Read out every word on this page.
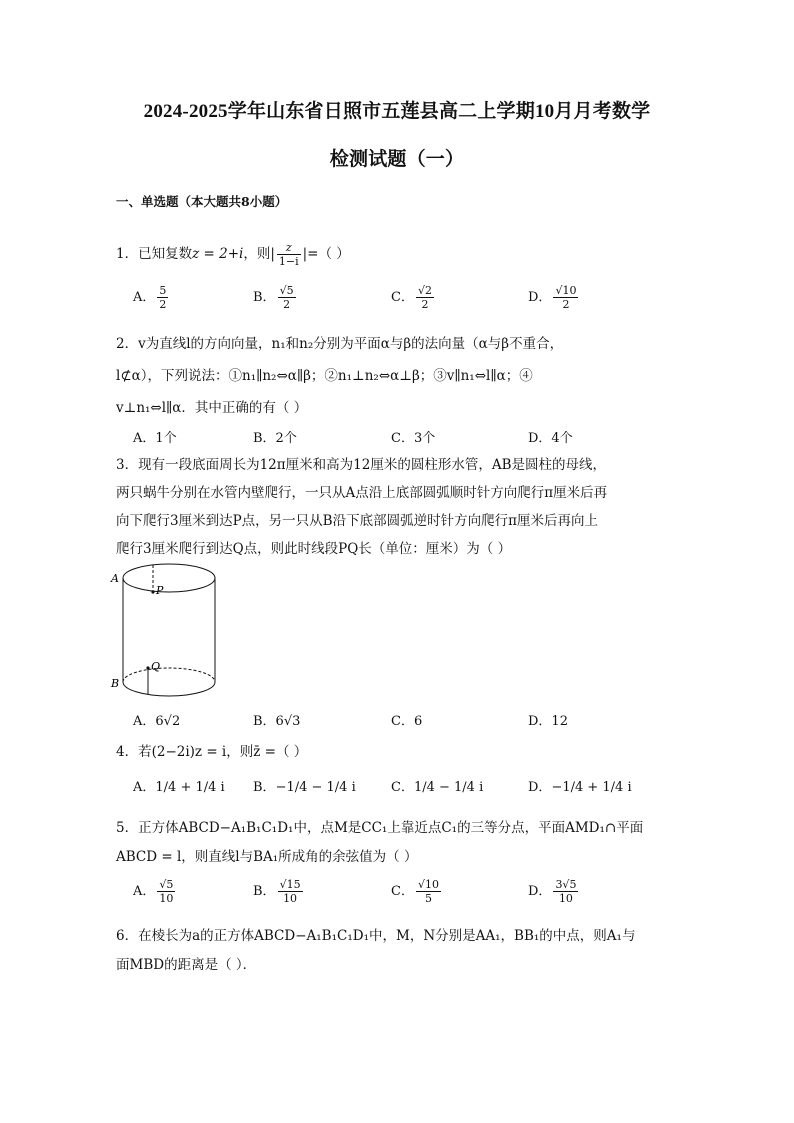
2024-2025学年山东省日照市五莲县高二上学期10月月考数学
检测试题（一）
一、单选题（本大题共8小题）
1．已知复数z = 2+i，则| $\frac{z}{1-i}$ |=（ ）
A． $\frac{5}{2}$	B． $\frac{√5}{2}$	C． $\frac{√2}{2}$	D． $\frac{√10}{2}$
2．v为直线l的方向向量，n₁和n₂分别为平面α与β的法向量（α与β不重合，
l⊄α），下列说法：①n₁∥n₂⇔α∥β；②n₁⊥n₂⇔α⊥β；③v∥n₁⇔l∥α；④
v⊥n₁⇔l∥α．其中正确的有（ ）
A．1个	B．2个	C．3个	D．4个
3．现有一段底面周长为12π厘米和高为12厘米的圆柱形水管，AB是圆柱的母线，
两只蜗牛分别在水管内壁爬行，一只从A点沿上底部圆弧顺时针方向爬行π厘米后再
向下爬行3厘米到达P点，另一只从B沿下底部圆弧逆时针方向爬行π厘米后再向上
爬行3厘米爬行到达Q点，则此时线段PQ长（单位：厘米）为（ ）
A
B
P
Q
A．6√2	B．6√3	C．6	D．12
4．若(2−2i)z = i，则z̄ =（ ）
A．1/4 + 1/4 i B．−1/4 − 1/4 i	C．1/4 − 1/4 i	D．−1/4 + 1/4 i
5．正方体ABCD−A₁B₁C₁D₁中，点M是CC₁上靠近点C₁的三等分点，平面AMD₁∩平面
ABCD = l，则直线l与BA₁所成角的余弦值为（ ）
A． $\frac{√5}{10}$	B． $\frac{√15}{10}$	C． $\frac{√10}{5}$	D． $\frac{3√5}{10}$
6．在棱长为a的正方体ABCD−A₁B₁C₁D₁中，M，N分别是AA₁，BB₁的中点，则A₁与
面MBD的距离是（ ）．
